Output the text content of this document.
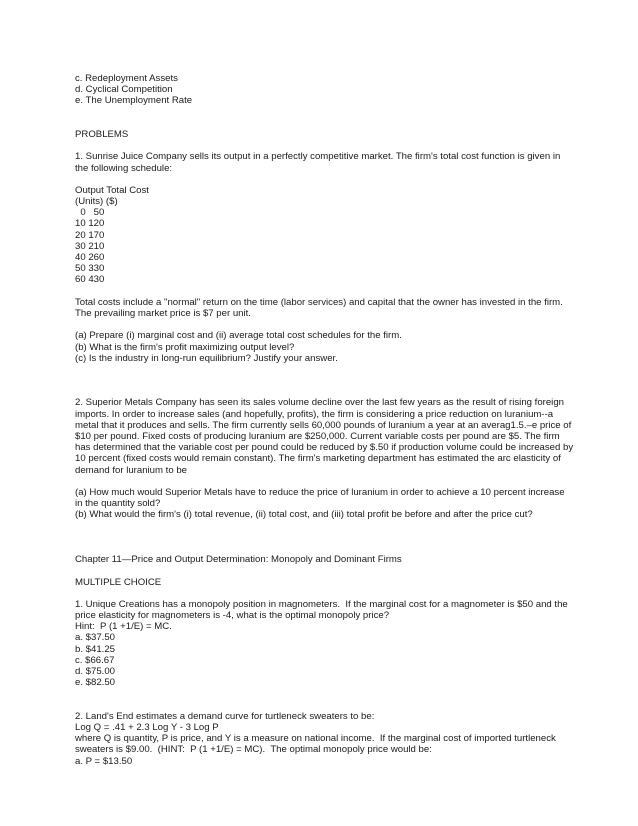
c. Redeployment Assets
d. Cyclical Competition
e. The Unemployment Rate
PROBLEMS
1. Sunrise Juice Company sells its output in a perfectly competitive market. The firm's total cost function is given in
the following schedule:
Output Total Cost
(Units) ($)
0   50
10 120
20 170
30 210
40 260
50 330
60 430
Total costs include a "normal" return on the time (labor services) and capital that the owner has invested in the firm.
The prevailing market price is $7 per unit.
(a) Prepare (i) marginal cost and (ii) average total cost schedules for the firm.
(b) What is the firm's profit maximizing output level?
(c) Is the industry in long-run equilibrium? Justify your answer.
2. Superior Metals Company has seen its sales volume decline over the last few years as the result of rising foreign
imports. In order to increase sales (and hopefully, profits), the firm is considering a price reduction on luranium--a
metal that it produces and sells. The firm currently sells 60,000 pounds of luranium a year at an averag1.5.–e price of
$10 per pound. Fixed costs of producing luranium are $250,000. Current variable costs per pound are $5. The firm
has determined that the variable cost per pound could be reduced by $.50 if production volume could be increased by
10 percent (fixed costs would remain constant). The firm's marketing department has estimated the arc elasticity of
demand for luranium to be
(a) How much would Superior Metals have to reduce the price of luranium in order to achieve a 10 percent increase
in the quantity sold?
(b) What would the firm's (i) total revenue, (ii) total cost, and (iii) total profit be before and after the price cut?
Chapter 11—Price and Output Determination: Monopoly and Dominant Firms
MULTIPLE CHOICE
1. Unique Creations has a monopoly position in magnometers.  If the marginal cost for a magnometer is $50 and the
price elasticity for magnometers is -4, what is the optimal monopoly price?
Hint:  P (1 +1/E) = MC.
a. $37.50
b. $41.25
c. $66.67
d. $75.00
e. $82.50
2. Land's End estimates a demand curve for turtleneck sweaters to be:
Log Q = .41 + 2.3 Log Y - 3 Log P
where Q is quantity, P is price, and Y is a measure on national income.  If the marginal cost of imported turtleneck
sweaters is $9.00.  (HINT:  P (1 +1/E) = MC).  The optimal monopoly price would be:
a. P = $13.50
